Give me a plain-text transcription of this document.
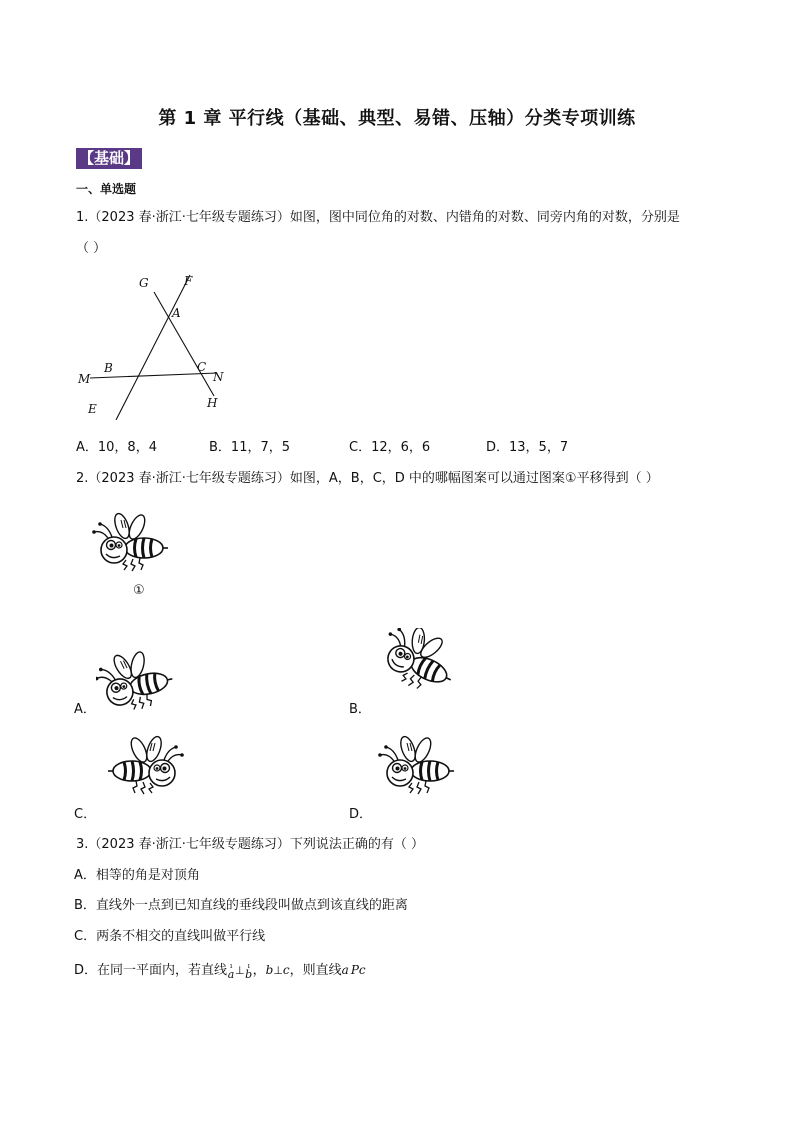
第 1 章 平行线（基础、典型、易错、压轴）分类专项训练
【基础】
一、单选题
1.（2023 春·浙江·七年级专题练习）如图，图中同位角的对数、内错角的对数、同旁内角的对数，分别是
（ ）
G	F
A
B	C
M	N
E	H
A．10，8，4	B．11，7，5	C．12，6，6	D．13，5，7
2.（2023 春·浙江·七年级专题练习）如图，A，B，C，D 中的哪幅图案可以通过图案①平移得到（ ）
①
A．	B．
C．	D．
3.（2023 春·浙江·七年级专题练习）下列说法正确的有（ ）
A．相等的角是对顶角
B．直线外一点到已知直线的垂线段叫做点到该直线的距离
C．两条不相交的直线叫做平行线
D．在同一平面内，若直线 ı
a⊥ ı
b，b⊥c，则直线a Pc
